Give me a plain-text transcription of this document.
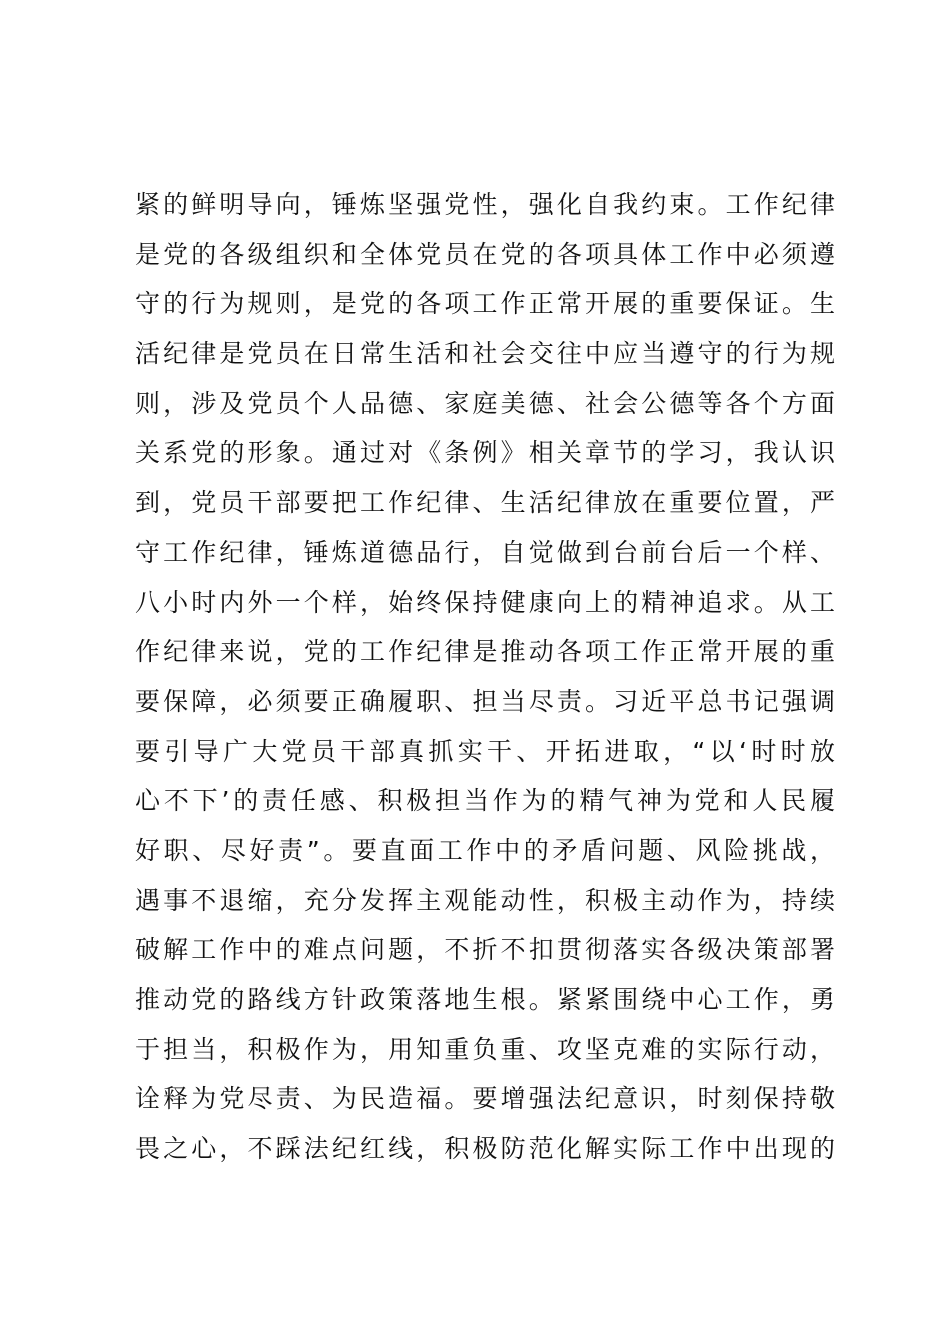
紧的鲜明导向，锤炼坚强党性，强化自我约束。工作纪律
是党的各级组织和全体党员在党的各项具体工作中必须遵
守的行为规则，是党的各项工作正常开展的重要保证。生
活纪律是党员在日常生活和社会交往中应当遵守的行为规
则，涉及党员个人品德、家庭美德、社会公德等各个方面
关系党的形象。通过对《条例》相关章节的学习，我认识
到，党员干部要把工作纪律、生活纪律放在重要位置，严
守工作纪律，锤炼道德品行，自觉做到台前台后一个样、
八小时内外一个样，始终保持健康向上的精神追求。从工
作纪律来说，党的工作纪律是推动各项工作正常开展的重
要保障，必须要正确履职、担当尽责。习近平总书记强调
要引导广大党员干部真抓实干、开拓进取，“以‘时时放
心不下’的责任感、积极担当作为的精气神为党和人民履
好职、尽好责”。要直面工作中的矛盾问题、风险挑战，
遇事不退缩，充分发挥主观能动性，积极主动作为，持续
破解工作中的难点问题，不折不扣贯彻落实各级决策部署
推动党的路线方针政策落地生根。紧紧围绕中心工作，勇
于担当，积极作为，用知重负重、攻坚克难的实际行动，
诠释为党尽责、为民造福。要增强法纪意识，时刻保持敬
畏之心，不踩法纪红线，积极防范化解实际工作中出现的
